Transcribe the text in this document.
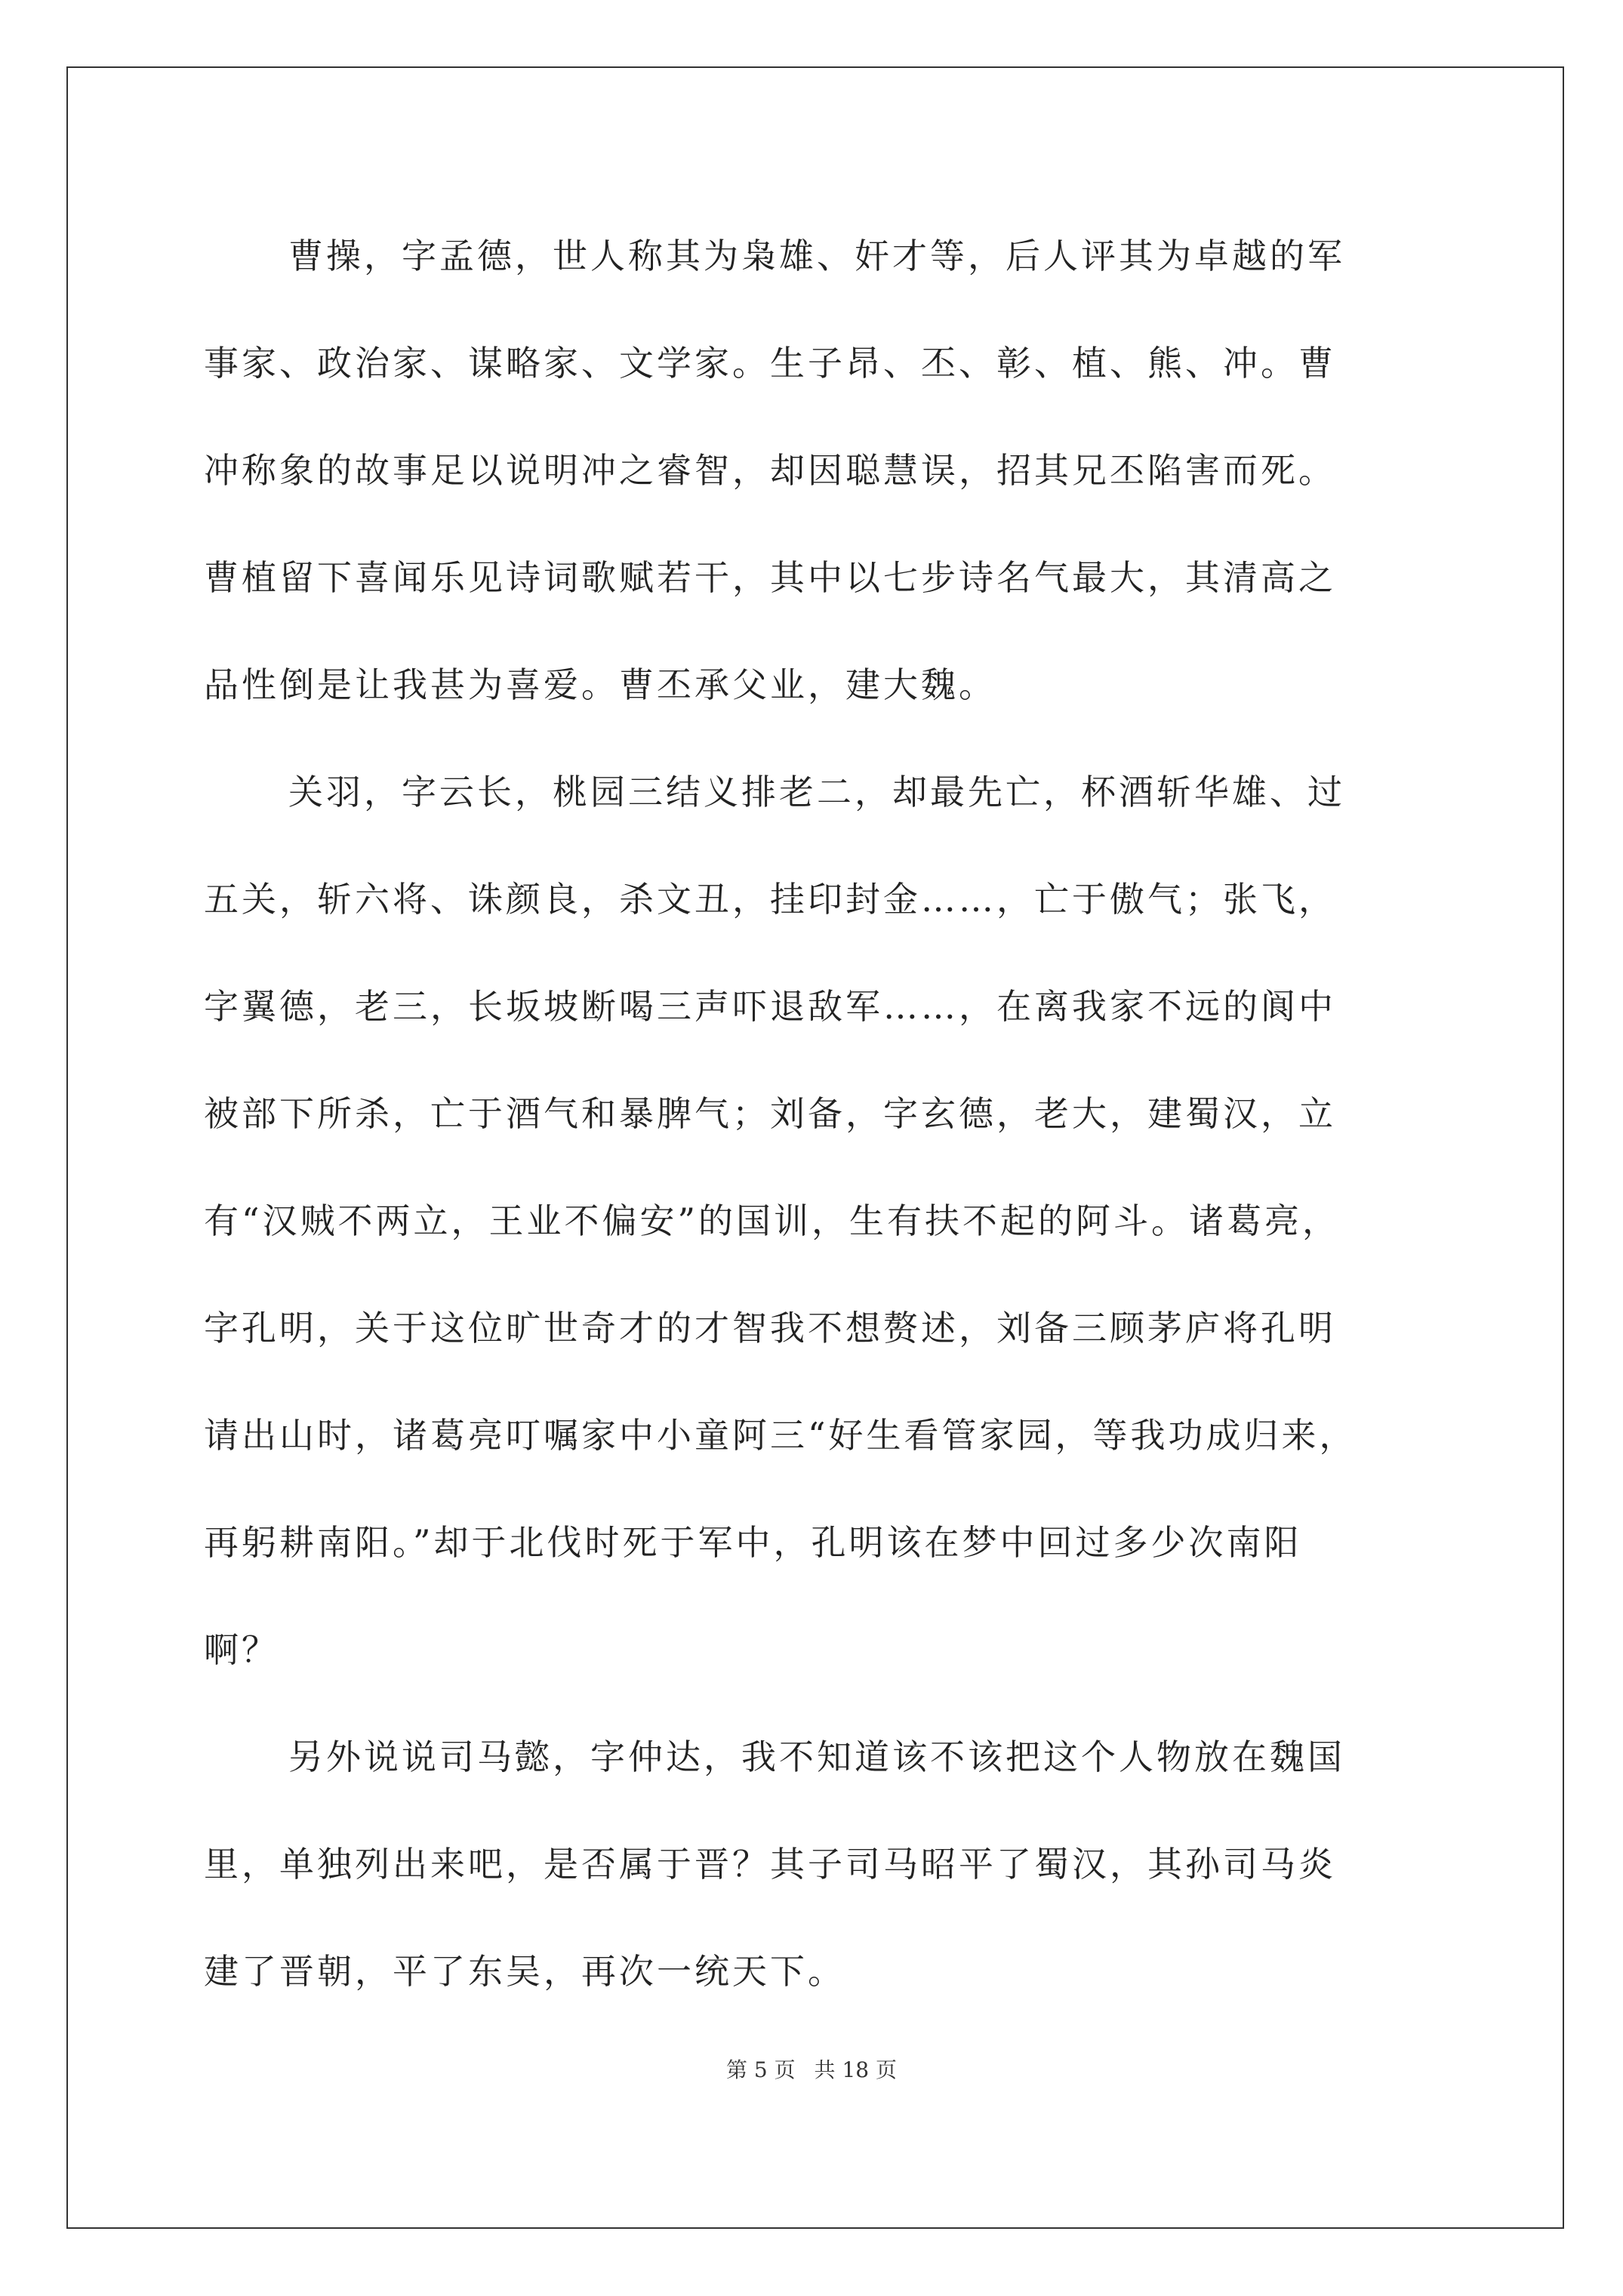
曹操，字孟德，世人称其为枭雄、奸才等，后人评其为卓越的军
事家、政治家、谋略家、文学家。生子昂、丕、彰、植、熊、冲。曹
冲称象的故事足以说明冲之睿智，却因聪慧误，招其兄丕陷害而死。
曹植留下喜闻乐见诗词歌赋若干，其中以七步诗名气最大，其清高之
品性倒是让我甚为喜爱。曹丕承父业，建大魏。
关羽，字云长，桃园三结义排老二，却最先亡，杯酒斩华雄、过
五关，斩六将、诛颜良，杀文丑，挂印封金……，亡于傲气；张飞，
字翼德，老三，长坂坡断喝三声吓退敌军……，在离我家不远的阆中
被部下所杀，亡于酒气和暴脾气；刘备，字玄德，老大，建蜀汉，立
有“汉贼不两立，王业不偏安”的国训，生有扶不起的阿斗。诸葛亮，
字孔明，关于这位旷世奇才的才智我不想赘述，刘备三顾茅庐将孔明
请出山时，诸葛亮叮嘱家中小童阿三“好生看管家园，等我功成归来，
再躬耕南阳。”却于北伐时死于军中，孔明该在梦中回过多少次南阳
啊？
另外说说司马懿，字仲达，我不知道该不该把这个人物放在魏国
里，单独列出来吧，是否属于晋？其子司马昭平了蜀汉，其孙司马炎
建了晋朝，平了东吴，再次一统天下。
第 5 页 共 18 页
